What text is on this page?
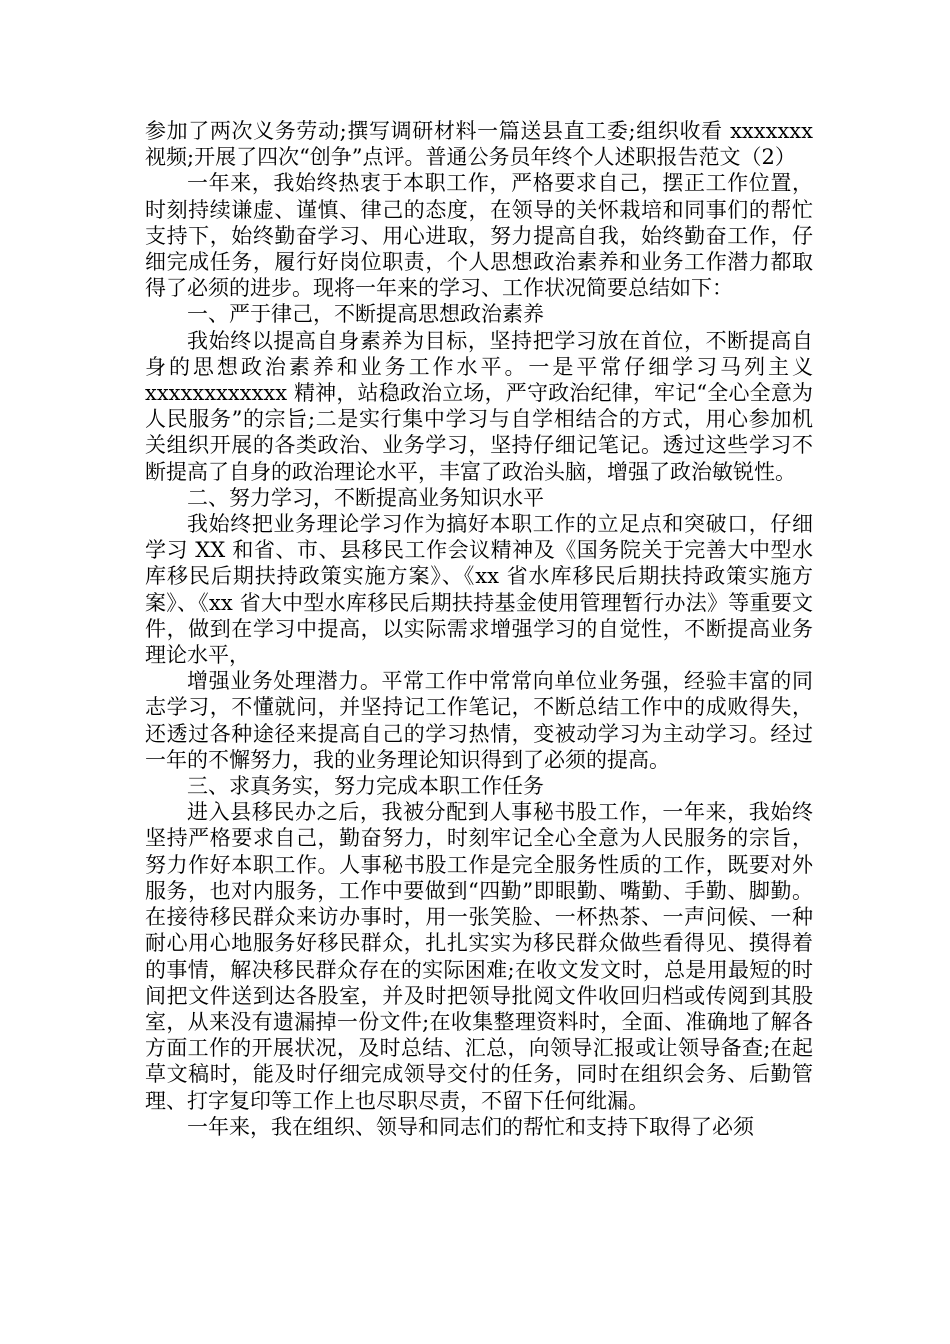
参加了两次义务劳动;撰写调研材料一篇送县直工委;组织收看 xxxxxxx 视频;开展了四次“创争”点评。普通公务员年终个人述职报告范文（2）

一年来，我始终热衷于本职工作，严格要求自己，摆正工作位置，时刻持续谦虚、谨慎、律己的态度，在领导的关怀栽培和同事们的帮忙支持下，始终勤奋学习、用心进取，努力提高自我，始终勤奋工作，仔细完成任务，履行好岗位职责，个人思想政治素养和业务工作潜力都取得了必须的进步。现将一年来的学习、工作状况简要总结如下：

一、严于律己，不断提高思想政治素养

我始终以提高自身素养为目标，坚持把学习放在首位，不断提高自身的思想政治素养和业务工作水平。一是平常仔细学习马列主义 xxxxxxxxxxxx 精神，站稳政治立场，严守政治纪律，牢记“全心全意为人民服务”的宗旨;二是实行集中学习与自学相结合的方式，用心参加机关组织开展的各类政治、业务学习，坚持仔细记笔记。透过这些学习不断提高了自身的政治理论水平，丰富了政治头脑，增强了政治敏锐性。

二、努力学习，不断提高业务知识水平

我始终把业务理论学习作为搞好本职工作的立足点和突破口，仔细学习 XX 和省、市、县移民工作会议精神及《国务院关于完善大中型水库移民后期扶持政策实施方案》、《xx 省水库移民后期扶持政策实施方案》、《xx 省大中型水库移民后期扶持基金使用管理暂行办法》等重要文件，做到在学习中提高，以实际需求增强学习的自觉性，不断提高业务理论水平，

增强业务处理潜力。平常工作中常常向单位业务强，经验丰富的同志学习，不懂就问，并坚持记工作笔记，不断总结工作中的成败得失，还透过各种途径来提高自己的学习热情，变被动学习为主动学习。经过一年的不懈努力，我的业务理论知识得到了必须的提高。

三、求真务实，努力完成本职工作任务

进入县移民办之后，我被分配到人事秘书股工作，一年来，我始终坚持严格要求自己，勤奋努力，时刻牢记全心全意为人民服务的宗旨，努力作好本职工作。人事秘书股工作是完全服务性质的工作，既要对外服务，也对内服务，工作中要做到“四勤”即眼勤、嘴勤、手勤、脚勤。在接待移民群众来访办事时，用一张笑脸、一杯热茶、一声问候、一种耐心用心地服务好移民群众，扎扎实实为移民群众做些看得见、摸得着的事情，解决移民群众存在的实际困难;在收文发文时，总是用最短的时间把文件送到达各股室，并及时把领导批阅文件收回归档或传阅到其股室，从来没有遗漏掉一份文件;在收集整理资料时，全面、准确地了解各方面工作的开展状况，及时总结、汇总，向领导汇报或让领导备查;在起草文稿时，能及时仔细完成领导交付的任务，同时在组织会务、后勤管理、打字复印等工作上也尽职尽责，不留下任何纰漏。

一年来，我在组织、领导和同志们的帮忙和支持下取得了必须
